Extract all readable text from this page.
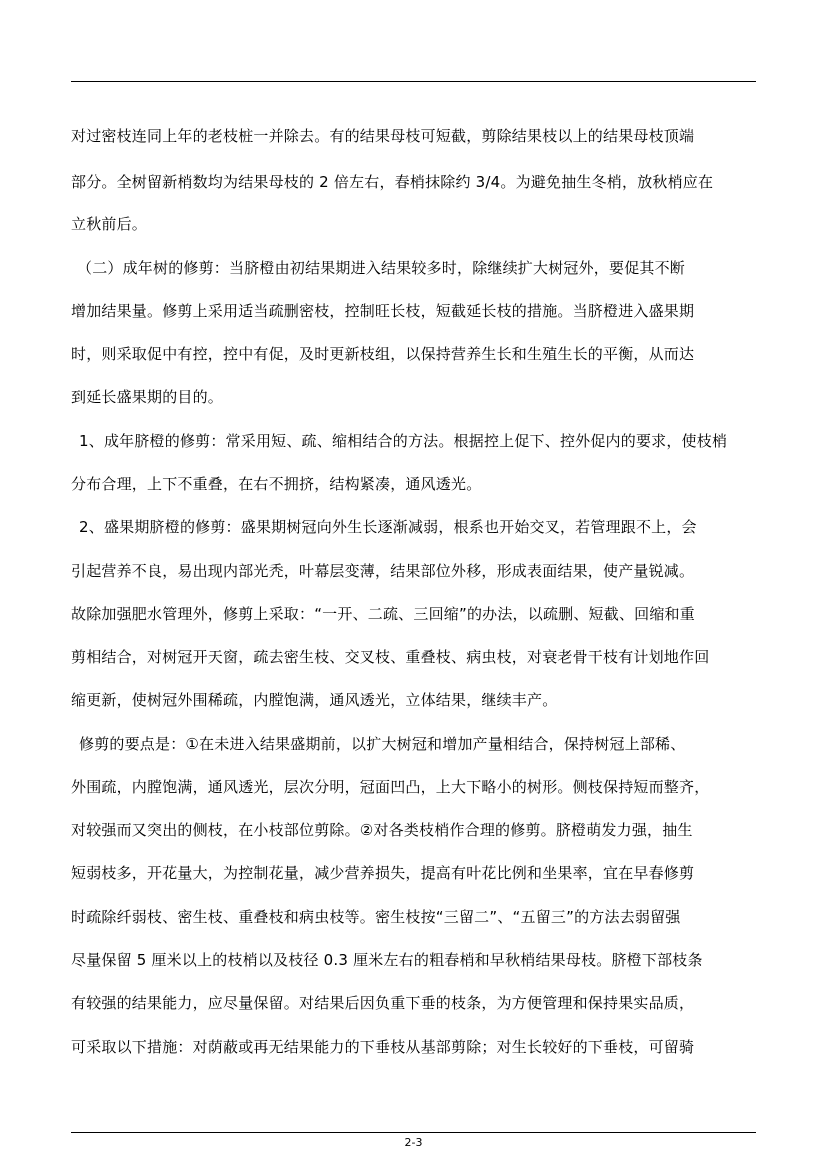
对过密枝连同上年的老枝桩一并除去。有的结果母枝可短截，剪除结果枝以上的结果母枝顶端
部分。全树留新梢数均为结果母枝的 2 倍左右，春梢抹除约 3/4。为避免抽生冬梢，放秋梢应在
立秋前后。
（二）成年树的修剪：当脐橙由初结果期进入结果较多时，除继续扩大树冠外，要促其不断
增加结果量。修剪上采用适当疏删密枝，控制旺长枝，短截延长枝的措施。当脐橙进入盛果期
时，则采取促中有控，控中有促，及时更新枝组，以保持营养生长和生殖生长的平衡，从而达
到延长盛果期的目的。
1、成年脐橙的修剪：常采用短、疏、缩相结合的方法。根据控上促下、控外促内的要求，使枝梢
分布合理，上下不重叠，在右不拥挤，结构紧凑，通风透光。
2、盛果期脐橙的修剪：盛果期树冠向外生长逐渐减弱，根系也开始交叉，若管理跟不上，会
引起营养不良，易出现内部光秃，叶幕层变薄，结果部位外移，形成表面结果，使产量锐减。
故除加强肥水管理外，修剪上采取：“一开、二疏、三回缩”的办法，以疏删、短截、回缩和重
剪相结合，对树冠开天窗，疏去密生枝、交叉枝、重叠枝、病虫枝，对衰老骨干枝有计划地作回
缩更新，使树冠外围稀疏，内膛饱满，通风透光，立体结果，继续丰产。
修剪的要点是：①在未进入结果盛期前，以扩大树冠和增加产量相结合，保持树冠上部稀、
外围疏，内膛饱满，通风透光，层次分明，冠面凹凸，上大下略小的树形。侧枝保持短而整齐，
对较强而又突出的侧枝，在小枝部位剪除。②对各类枝梢作合理的修剪。脐橙萌发力强，抽生
短弱枝多，开花量大，为控制花量，减少营养损失，提高有叶花比例和坐果率，宜在早春修剪
时疏除纤弱枝、密生枝、重叠枝和病虫枝等。密生枝按“三留二”、“五留三”的方法去弱留强
尽量保留 5 厘米以上的枝梢以及枝径 0.3 厘米左右的粗春梢和早秋梢结果母枝。脐橙下部枝条
有较强的结果能力，应尽量保留。对结果后因负重下垂的枝条，为方便管理和保持果实品质，
可采取以下措施：对荫蔽或再无结果能力的下垂枝从基部剪除；对生长较好的下垂枝，可留骑
2-3
